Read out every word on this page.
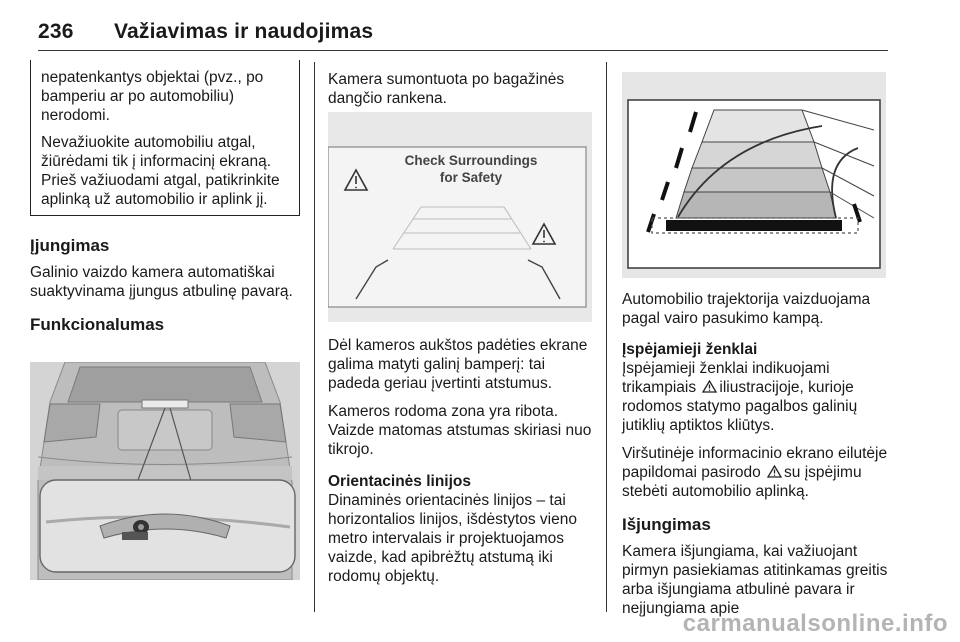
236 Važiavimas ir naudojimas

nepatenkantys objektai (pvz., po bamperiu ar po automobiliu) nerodomi.

Nevažiuokite automobiliu atgal, žiūrėdami tik į informacinį ekraną. Prieš važiuodami atgal, patikrinkite aplinką už automobilio ir aplink jį.

Įjungimas

Galinio vaizdo kamera automatiškai suaktyvinama įjungus atbulinę pavarą.

Funkcionalumas

Kamera sumontuota po bagažinės dangčio rankena.

Check Surroundings
for Safety

Dėl kameros aukštos padėties ekrane galima matyti galinį bamperį: tai padeda geriau įvertinti atstumus.

Kameros rodoma zona yra ribota. Vaizde matomas atstumas skiriasi nuo tikrojo.

Orientacinės linijos

Dinaminės orientacinės linijos – tai horizontalios linijos, išdėstytos vieno metro intervalais ir projektuojamos vaizde, kad apibrėžtų atstumą iki rodomų objektų.

Automobilio trajektorija vaizduojama pagal vairo pasukimo kampą.

Įspėjamieji ženklai

Įspėjamieji ženklai indikuojami trikampiais iliustracijoje, kurioje rodomos statymo pagalbos galinių jutiklių aptiktos kliūtys.

Viršutinėje informacinio ekrano eilutėje papildomai pasirodo su įspėjimu stebėti automobilio aplinką.

Išjungimas

Kamera išjungiama, kai važiuojant pirmyn pasiekiamas atitinkamas greitis arba išjungiama atbulinė pavara ir neįjungiama apie

carmanualsonline.info
